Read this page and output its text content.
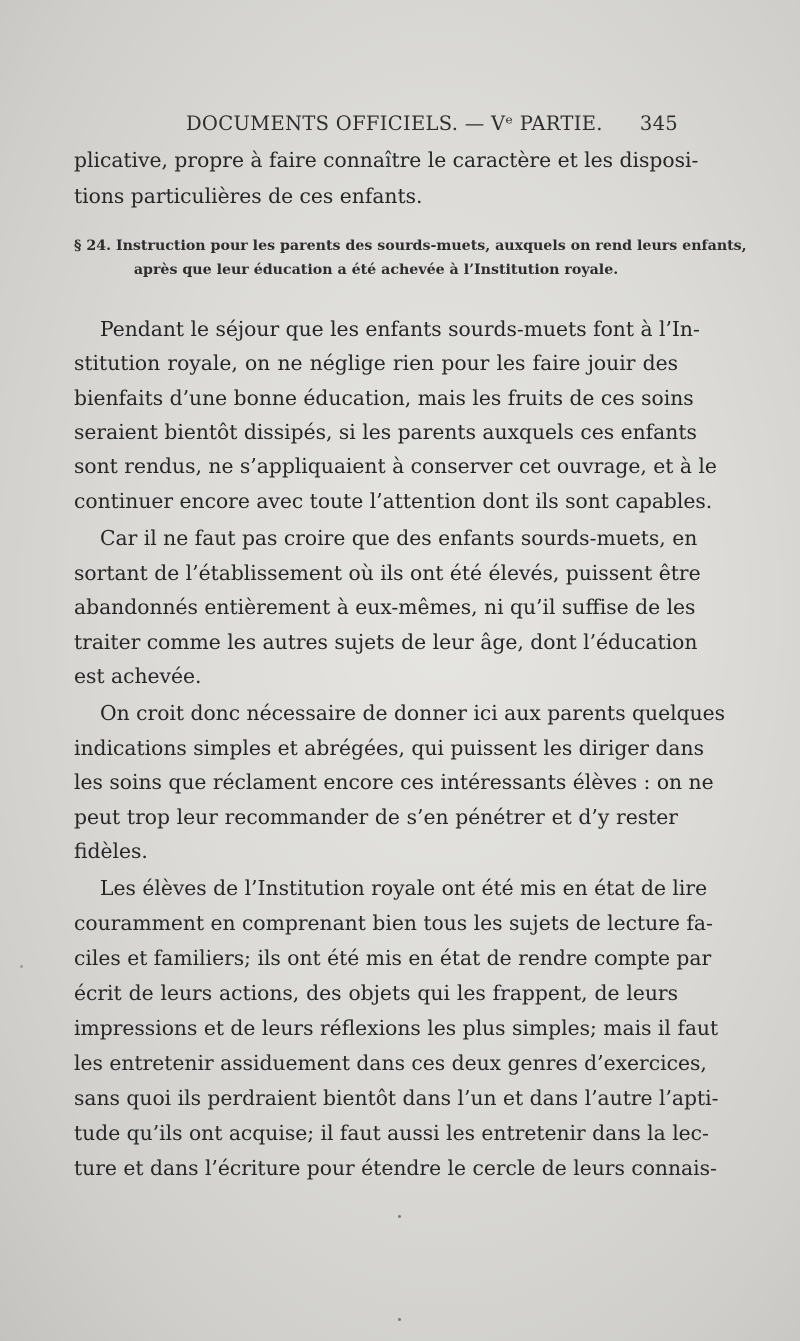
DOCUMENTS OFFICIELS. — Vᵉ PARTIE. 345
plicative, propre à faire connaître le caractère et les disposi-
tions particulières de ces enfants.
§ 24. Instruction pour les parents des sourds-muets, auxquels on rend leurs enfants,
après que leur éducation a été achevée à l’Institution royale.
Pendant le séjour que les enfants sourds-muets font à l’In-
stitution royale, on ne néglige rien pour les faire jouir des
bienfaits d’une bonne éducation, mais les fruits de ces soins
seraient bientôt dissipés, si les parents auxquels ces enfants
sont rendus, ne s’appliquaient à conserver cet ouvrage, et à le
continuer encore avec toute l’attention dont ils sont capables.
Car il ne faut pas croire que des enfants sourds-muets, en
sortant de l’établissement où ils ont été élevés, puissent être
abandonnés entièrement à eux-mêmes, ni qu’il suffise de les
traiter comme les autres sujets de leur âge, dont l’éducation
est achevée.
On croit donc nécessaire de donner ici aux parents quelques
indications simples et abrégées, qui puissent les diriger dans
les soins que réclament encore ces intéressants élèves : on ne
peut trop leur recommander de s’en pénétrer et d’y rester
fidèles.
Les élèves de l’Institution royale ont été mis en état de lire
couramment en comprenant bien tous les sujets de lecture fa-
ciles et familiers; ils ont été mis en état de rendre compte par
écrit de leurs actions, des objets qui les frappent, de leurs
impressions et de leurs réflexions les plus simples; mais il faut
les entretenir assiduement dans ces deux genres d’exercices,
sans quoi ils perdraient bientôt dans l’un et dans l’autre l’apti-
tude qu’ils ont acquise; il faut aussi les entretenir dans la lec-
ture et dans l’écriture pour étendre le cercle de leurs connais-
